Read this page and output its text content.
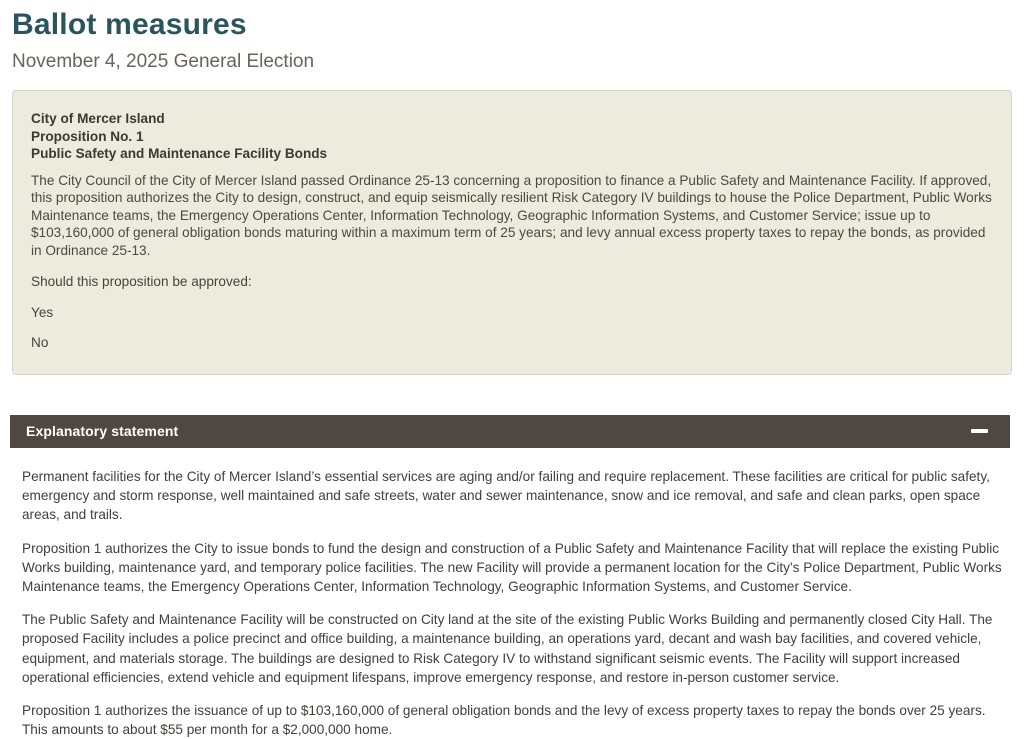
Ballot measures
November 4, 2025 General Election
City of Mercer Island
Proposition No. 1
Public Safety and Maintenance Facility Bonds
The City Council of the City of Mercer Island passed Ordinance 25-13 concerning a proposition to finance a Public Safety and Maintenance Facility. If approved, this proposition authorizes the City to design, construct, and equip seismically resilient Risk Category IV buildings to house the Police Department, Public Works Maintenance teams, the Emergency Operations Center, Information Technology, Geographic Information Systems, and Customer Service; issue up to $103,160,000 of general obligation bonds maturing within a maximum term of 25 years; and levy annual excess property taxes to repay the bonds, as provided in Ordinance 25-13.
Should this proposition be approved:
Yes
No
Explanatory statement

Permanent facilities for the City of Mercer Island’s essential services are aging and/or failing and require replacement. These facilities are critical for public safety, emergency and storm response, well maintained and safe streets, water and sewer maintenance, snow and ice removal, and safe and clean parks, open space areas, and trails.

Proposition 1 authorizes the City to issue bonds to fund the design and construction of a Public Safety and Maintenance Facility that will replace the existing Public Works building, maintenance yard, and temporary police facilities. The new Facility will provide a permanent location for the City’s Police Department, Public Works Maintenance teams, the Emergency Operations Center, Information Technology, Geographic Information Systems, and Customer Service.

The Public Safety and Maintenance Facility will be constructed on City land at the site of the existing Public Works Building and permanently closed City Hall. The proposed Facility includes a police precinct and office building, a maintenance building, an operations yard, decant and wash bay facilities, and covered vehicle, equipment, and materials storage. The buildings are designed to Risk Category IV to withstand significant seismic events. The Facility will support increased operational efficiencies, extend vehicle and equipment lifespans, improve emergency response, and restore in-person customer service.

Proposition 1 authorizes the issuance of up to $103,160,000 of general obligation bonds and the levy of excess property taxes to repay the bonds over 25 years. This amounts to about $55 per month for a $2,000,000 home.
